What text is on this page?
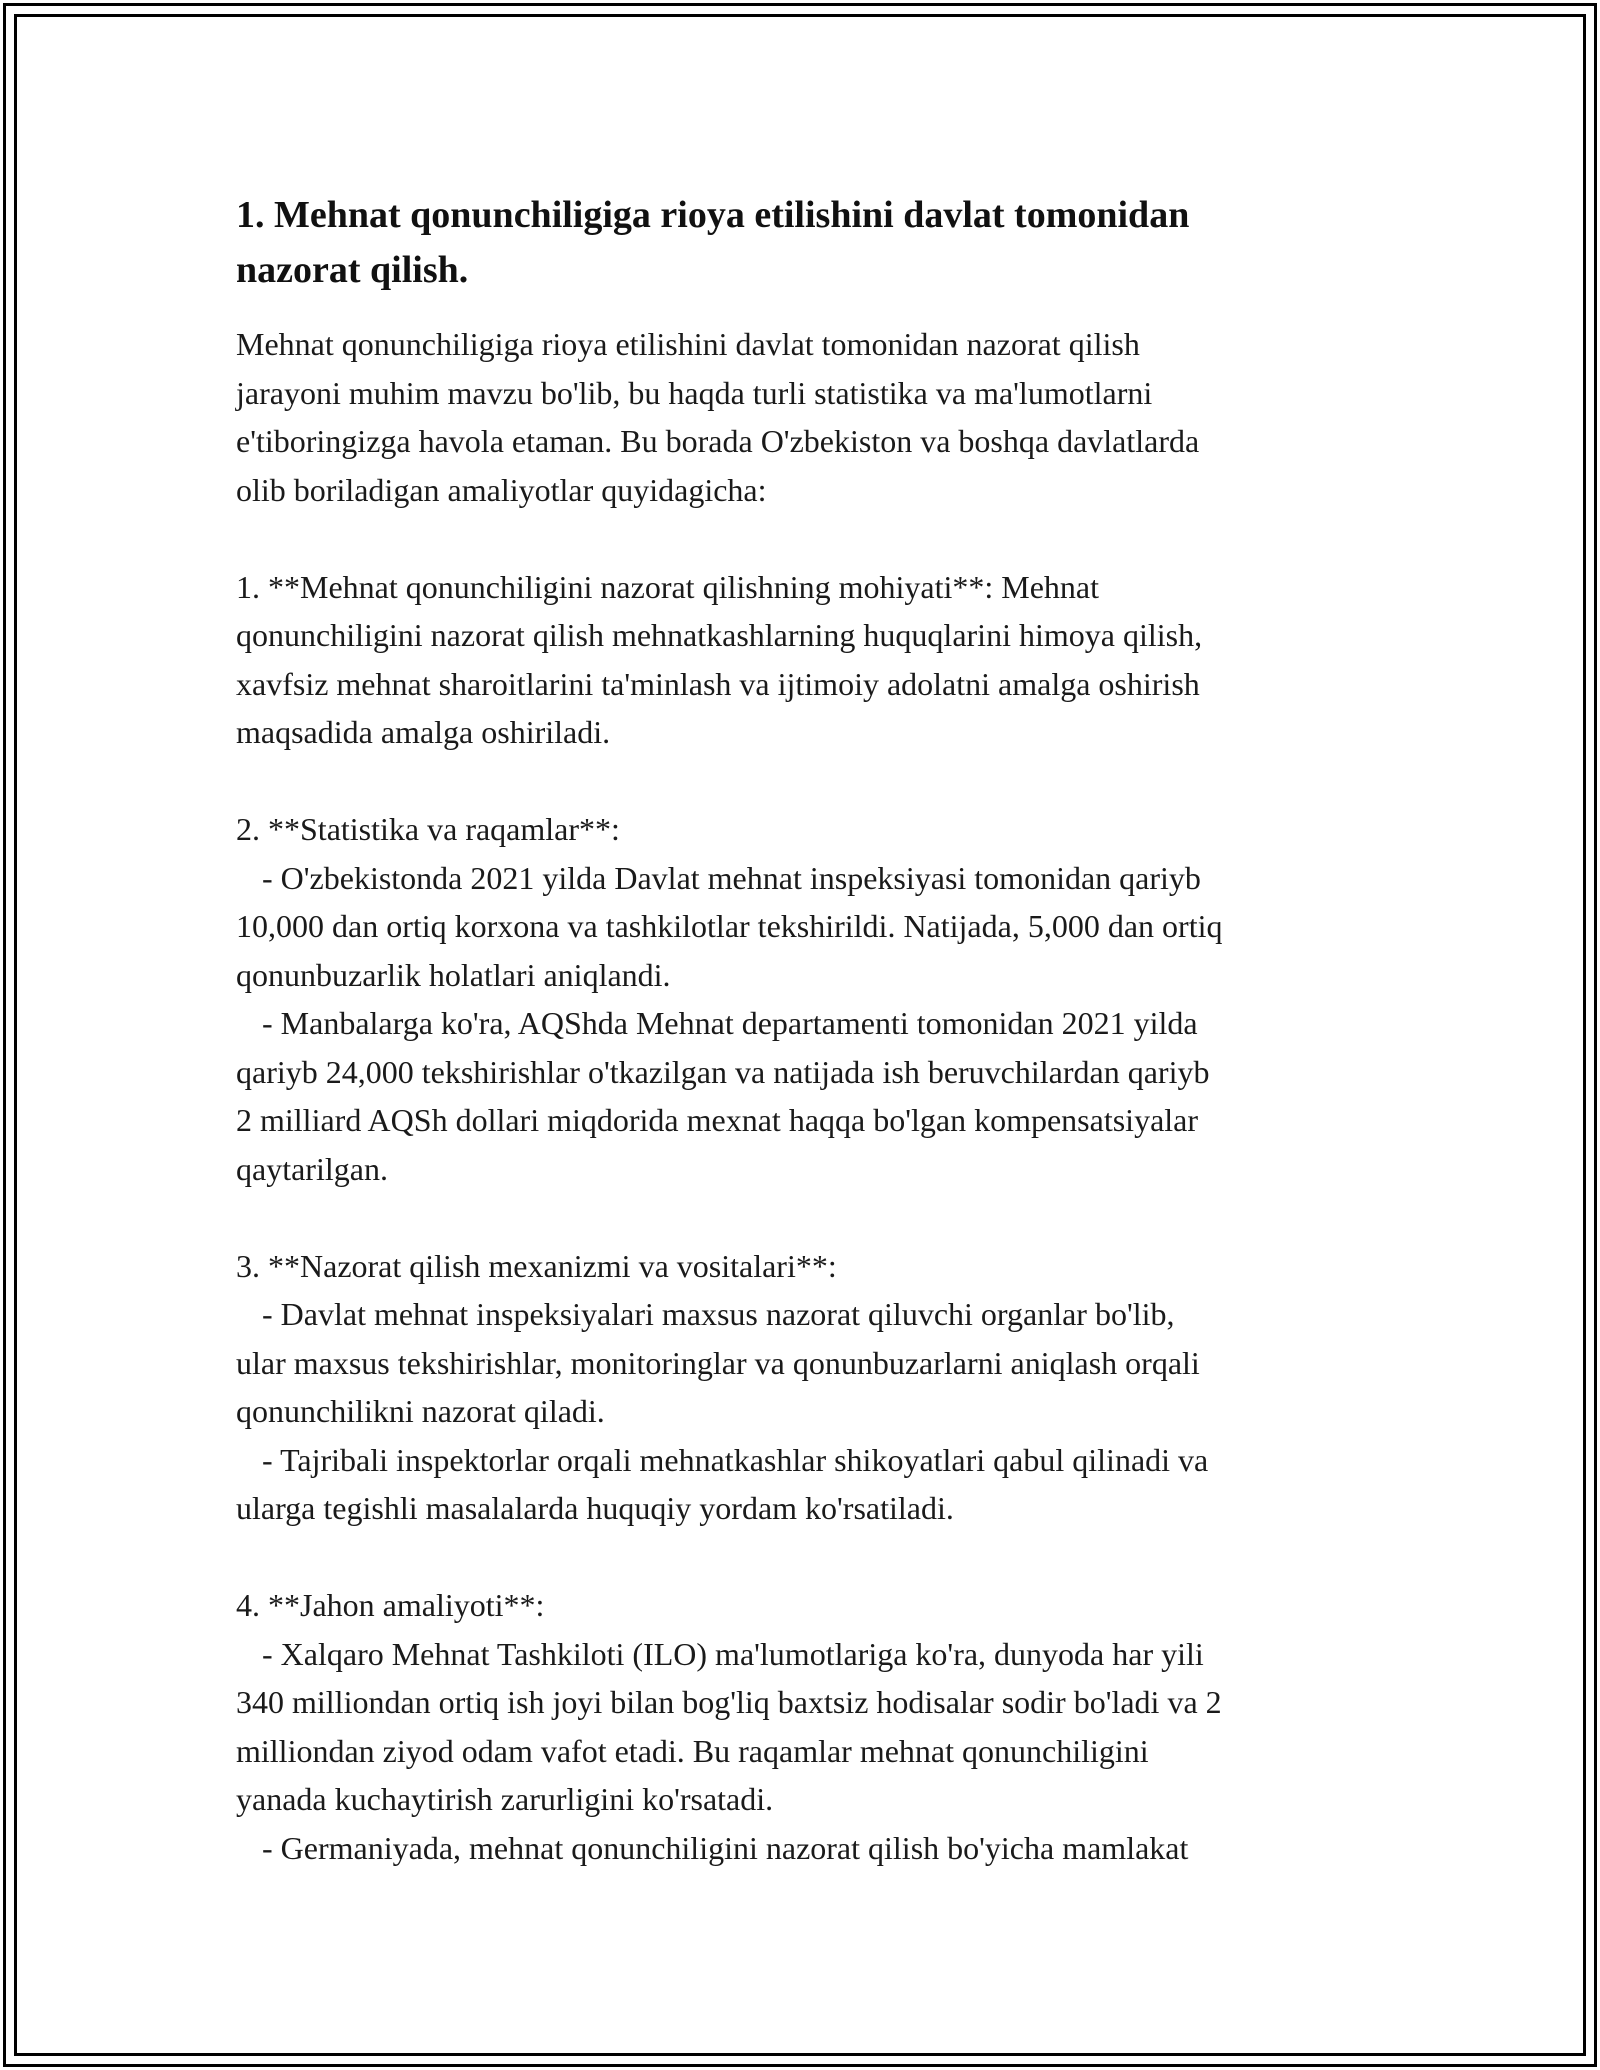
1. Mehnat qonunchiligiga rioya etilishini davlat tomonidan
nazorat qilish.

Mehnat qonunchiligiga rioya etilishini davlat tomonidan nazorat qilish
jarayoni muhim mavzu bo'lib, bu haqda turli statistika va ma'lumotlarni
e'tiboringizga havola etaman. Bu borada O'zbekiston va boshqa davlatlarda
olib boriladigan amaliyotlar quyidagicha:

1. **Mehnat qonunchiligini nazorat qilishning mohiyati**: Mehnat
qonunchiligini nazorat qilish mehnatkashlarning huquqlarini himoya qilish,
xavfsiz mehnat sharoitlarini ta'minlash va ijtimoiy adolatni amalga oshirish
maqsadida amalga oshiriladi.

2. **Statistika va raqamlar**:
- O'zbekistonda 2021 yilda Davlat mehnat inspeksiyasi tomonidan qariyb
10,000 dan ortiq korxona va tashkilotlar tekshirildi. Natijada, 5,000 dan ortiq
qonunbuzarlik holatlari aniqlandi.
- Manbalarga ko'ra, AQShda Mehnat departamenti tomonidan 2021 yilda
qariyb 24,000 tekshirishlar o'tkazilgan va natijada ish beruvchilardan qariyb
2 milliard AQSh dollari miqdorida mexnat haqqa bo'lgan kompensatsiyalar
qaytarilgan.

3. **Nazorat qilish mexanizmi va vositalari**:
- Davlat mehnat inspeksiyalari maxsus nazorat qiluvchi organlar bo'lib,
ular maxsus tekshirishlar, monitoringlar va qonunbuzarlarni aniqlash orqali
qonunchilikni nazorat qiladi.
- Tajribali inspektorlar orqali mehnatkashlar shikoyatlari qabul qilinadi va
ularga tegishli masalalarda huquqiy yordam ko'rsatiladi.

4. **Jahon amaliyoti**:
- Xalqaro Mehnat Tashkiloti (ILO) ma'lumotlariga ko'ra, dunyoda har yili
340 milliondan ortiq ish joyi bilan bog'liq baxtsiz hodisalar sodir bo'ladi va 2
milliondan ziyod odam vafot etadi. Bu raqamlar mehnat qonunchiligini
yanada kuchaytirish zarurligini ko'rsatadi.
- Germaniyada, mehnat qonunchiligini nazorat qilish bo'yicha mamlakat
